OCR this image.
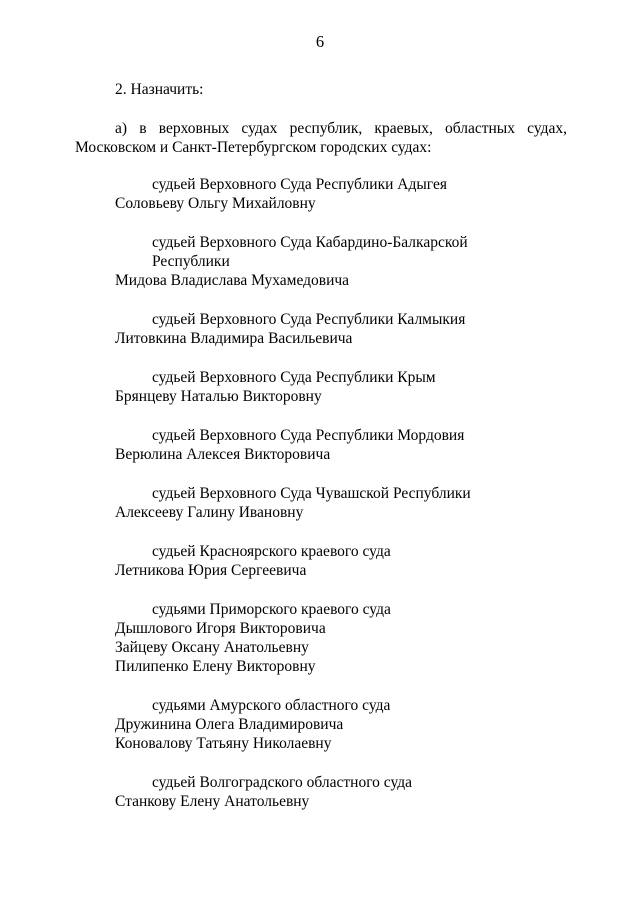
6
2. Назначить:
а) в верховных судах республик, краевых, областных судах,
Московском и Санкт-Петербургском городских судах:
судьей Верховного Суда Республики Адыгея
Соловьеву Ольгу Михайловну
судьей Верховного Суда Кабардино-Балкарской
Республики
Мидова Владислава Мухамедовича
судьей Верховного Суда Республики Калмыкия
Литовкина Владимира Васильевича
судьей Верховного Суда Республики Крым
Брянцеву Наталью Викторовну
судьей Верховного Суда Республики Мордовия
Верюлина Алексея Викторовича
судьей Верховного Суда Чувашской Республики
Алексееву Галину Ивановну
судьей Красноярского краевого суда
Летникова Юрия Сергеевича
судьями Приморского краевого суда
Дышлового Игоря Викторовича
Зайцеву Оксану Анатольевну
Пилипенко Елену Викторовну
судьями Амурского областного суда
Дружинина Олега Владимировича
Коновалову Татьяну Николаевну
судьей Волгоградского областного суда
Станкову Елену Анатольевну
